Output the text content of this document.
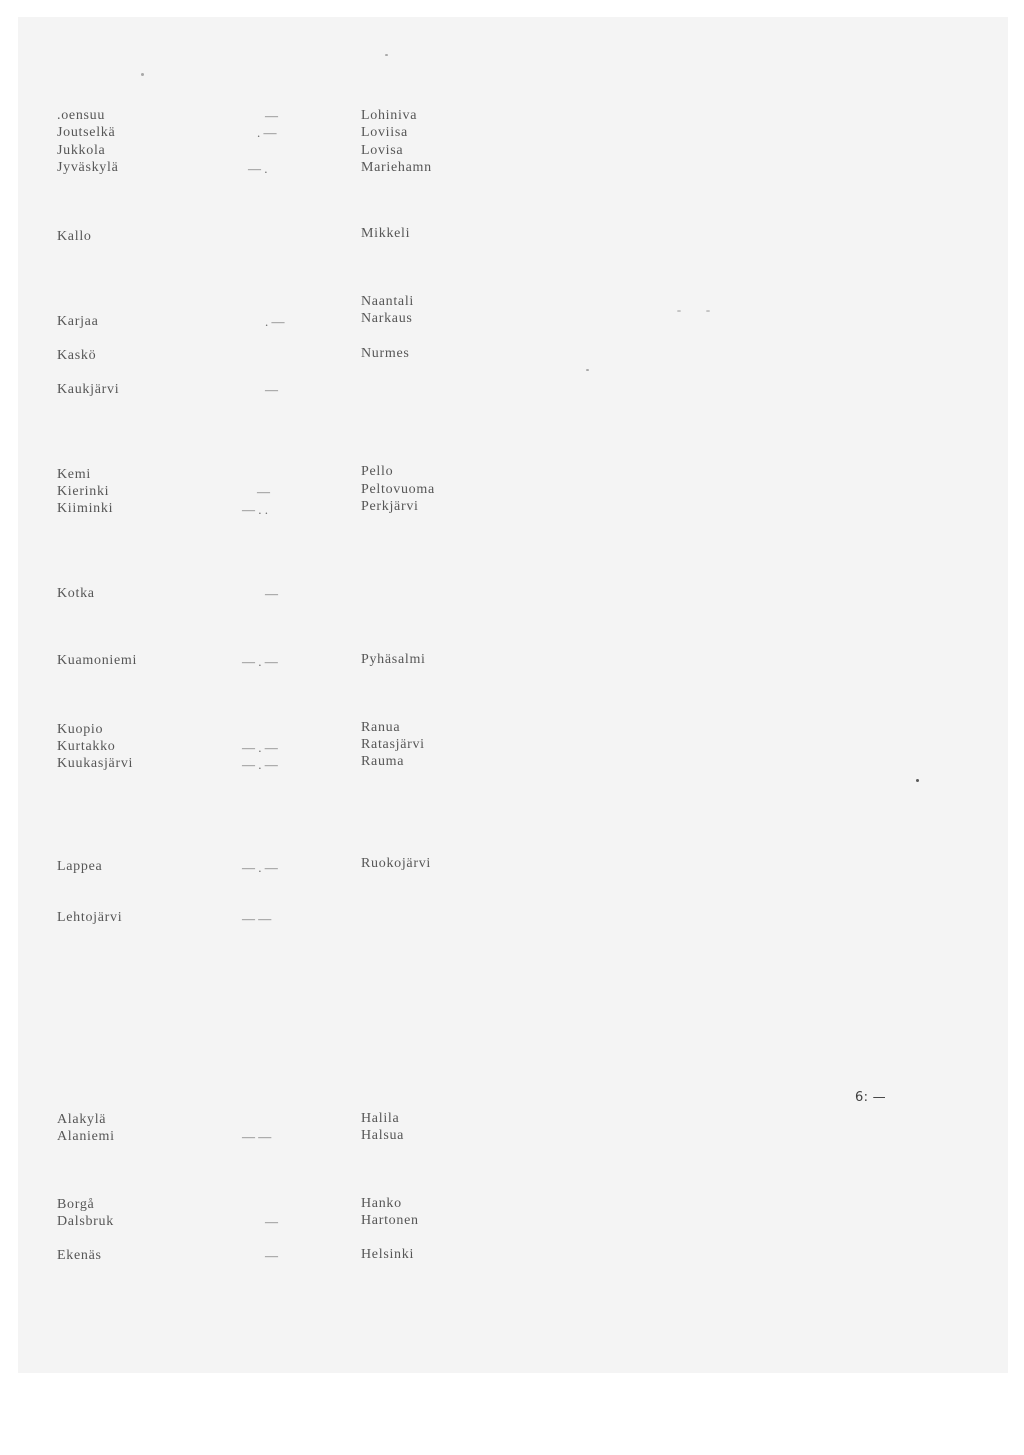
.oensuu
Joutselkä
Jukkola
Jyväskylä
Kallo
Karjaa
Kaskö
Kaukjärvi
Kemi
Kierinki
Kiiminki
Kotka
Kuamoniemi
Kuopio
Kurtakko
Kuukasjärvi
Lappea
Lehtojärvi
Alakylä
Alaniemi
Borgå
Dalsbruk
Ekenäs
—
. —
— .
. —
—
—
— . .
—
— . —
— . —
— . —
— . —
— —
— —
—
—
Lohiniva
Loviisa
Lovisa
Mariehamn
Mikkeli
Naantali
Narkaus
Nurmes
Pello
Peltovuoma
Perkjärvi
Pyhäsalmi
Ranua
Ratasjärvi
Rauma
Ruokojärvi
Halila
Halsua
Hanko
Hartonen
Helsinki
6: —
